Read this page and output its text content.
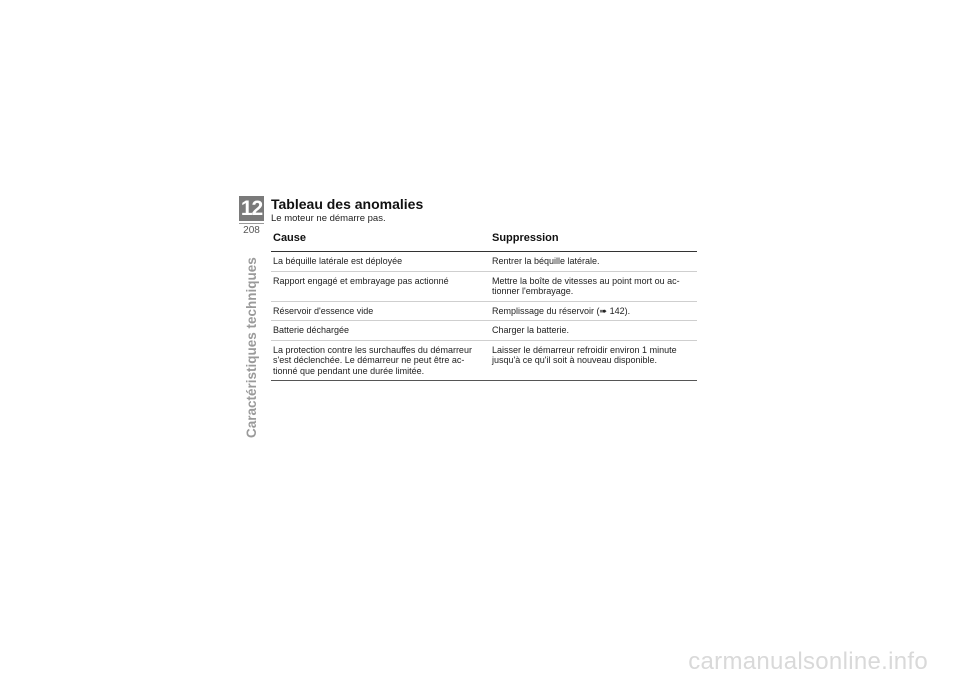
12
208
Caractéristiques techniques
Tableau des anomalies
Le moteur ne démarre pas.
Cause	Suppression
La béquille latérale est déployée	Rentrer la béquille latérale.
Rapport engagé et embrayage pas actionné	Mettre la boîte de vitesses au point mort ou ac-tionner l'embrayage.
Réservoir d'essence vide	Remplissage du réservoir (➠ 142).
Batterie déchargée	Charger la batterie.
La protection contre les surchauffes du démarreur s'est déclenchée. Le démarreur ne peut être ac-tionné que pendant une durée limitée.	Laisser le démarreur refroidir environ 1 minute jusqu'à ce qu'il soit à nouveau disponible.
carmanualsonline.info
